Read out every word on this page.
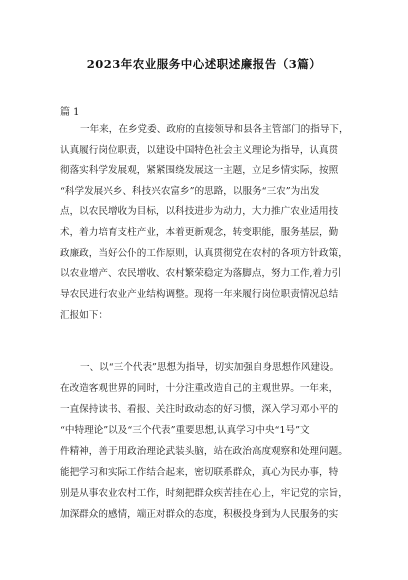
2023年农业服务中心述职述廉报告（3篇）
篇 1
一年来，在乡党委、政府的直接领导和县各主管部门的指导下，
认真履行岗位职责，以建设中国特色社会主义理论为指导，认真贯
彻落实科学发展观，紧紧围绕发展这一主题，立足乡情实际，按照
“科学发展兴乡、科技兴农富乡”的思路，以服务“三农”为出发
点，以农民增收为目标，以科技进步为动力，大力推广农业适用技
术，着力培育支柱产业，本着更新观念，转变职能，服务基层，勤
政廉政，当好公仆的工作原则，认真贯彻党在农村的各项方针政策，
以农业增产、农民增收、农村繁荣稳定为落脚点，努力工作,着力引
导农民进行农业产业结构调整。现将一年来履行岗位职责情况总结
汇报如下：
一、以“三个代表”思想为指导，切实加强自身思想作风建设。
在改造客观世界的同时，十分注重改造自己的主观世界。一年来，
一直保持读书、看报、关注时政动态的好习惯，深入学习邓小平的
“中特理论”以及“三个代表”重要思想,认真学习中央“1号”文
件精神，善于用政治理论武装头脑，站在政治高度观察和处理问题。
能把学习和实际工作结合起来，密切联系群众，真心为民办事，特
别是从事农业农村工作，时刻把群众疾苦挂在心上，牢记党的宗旨，
加深群众的感情，端正对群众的态度，积极投身到为人民服务的实
